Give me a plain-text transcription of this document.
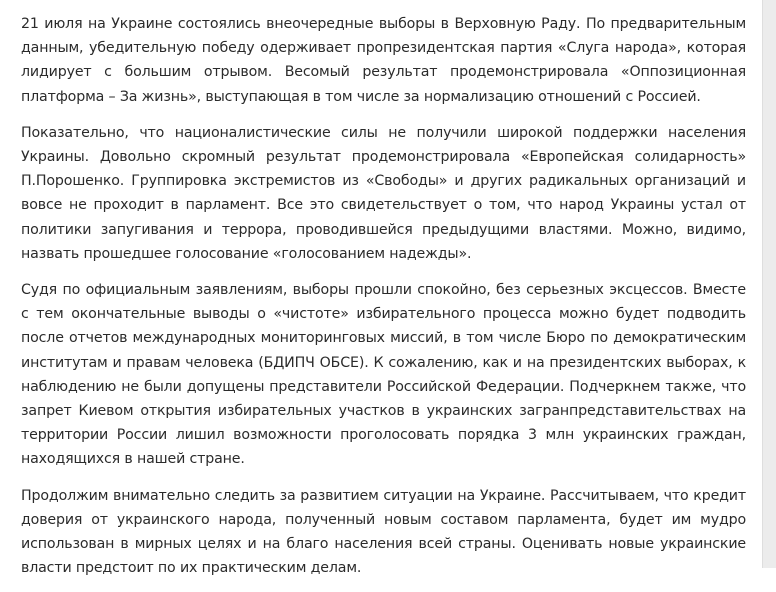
21 июля на Украине состоялись внеочередные выборы в Верховную Раду. По предварительным данным, убедительную победу одерживает пропрезидентская партия «Слуга народа», которая лидирует с большим отрывом. Весомый результат продемонстрировала «Оппозиционная платформа – За жизнь», выступающая в том числе за нормализацию отношений с Россией.

Показательно, что националистические силы не получили широкой поддержки населения Украины. Довольно скромный результат продемонстрировала «Европейская солидарность» П.Порошенко. Группировка экстремистов из «Свободы» и других радикальных организаций и вовсе не проходит в парламент. Все это свидетельствует о том, что народ Украины устал от политики запугивания и террора, проводившейся предыдущими властями. Можно, видимо, назвать прошедшее голосование «голосованием надежды».

Судя по официальным заявлениям, выборы прошли спокойно, без серьезных эксцессов. Вместе с тем окончательные выводы о «чистоте» избирательного процесса можно будет подводить после отчетов международных мониторинговых миссий, в том числе Бюро по демократическим институтам и правам человека (БДИПЧ ОБСЕ). К сожалению, как и на президентских выборах, к наблюдению не были допущены представители Российской Федерации. Подчеркнем также, что запрет Киевом открытия избирательных участков в украинских загранпредставительствах на территории России лишил возможности проголосовать порядка 3 млн украинских граждан, находящихся в нашей стране.

Продолжим внимательно следить за развитием ситуации на Украине. Рассчитываем, что кредит доверия от украинского народа, полученный новым составом парламента, будет им мудро использован в мирных целях и на благо населения всей страны. Оценивать новые украинские власти предстоит по их практическим делам.
